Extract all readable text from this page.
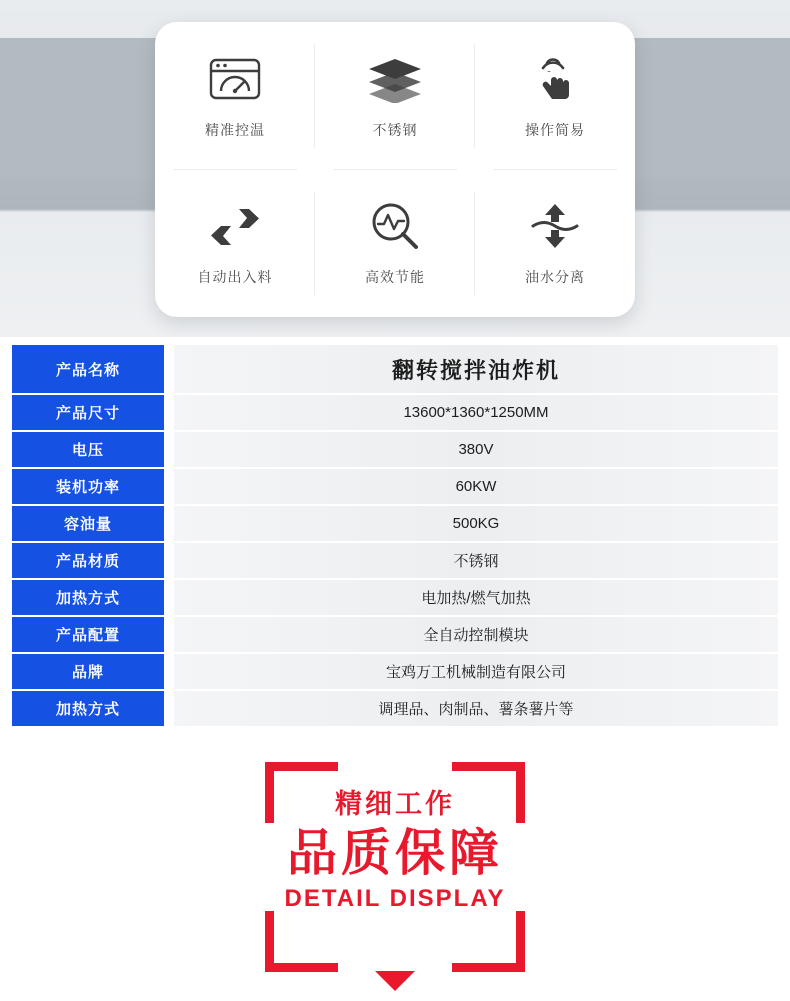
精准控温	不锈钢	操作简易
自动出入料	高效节能	油水分离
产品名称	翻转搅拌油炸机
产品尺寸	13600*1360*1250MM
电压	380V
装机功率	60KW
容油量	500KG
产品材质	不锈钢
加热方式	电加热/燃气加热
产品配置	全自动控制模块
品牌	宝鸡万工机械制造有限公司
加热方式	调理品、肉制品、薯条薯片等
精细工作
品质保障
DETAIL DISPLAY
